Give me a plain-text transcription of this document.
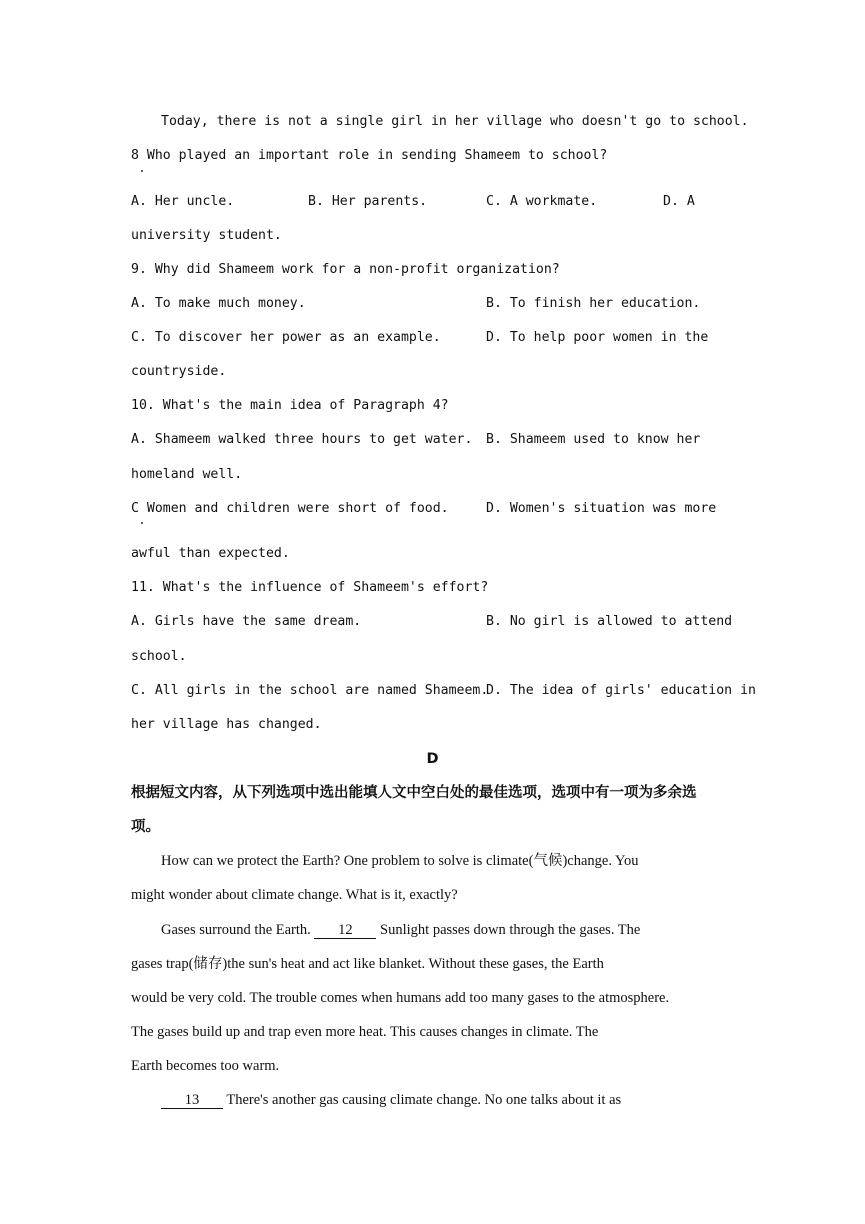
Today, there is not a single girl in her village who doesn't go to school.
8 Who played an important role in sending Shameem to school?
A. Her uncle.	B. Her parents.	C. A workmate.	D. A
university student.
9. Why did Shameem work for a non-profit organization?
A. To make much money.	B. To finish her education.
C. To discover her power as an example.	D. To help poor women in the
countryside.
10. What's the main idea of Paragraph 4?
A. Shameem walked three hours to get water. B. Shameem used to know her
homeland well.
C Women and children were short of food.	D. Women's situation was more
awful than expected.
11. What's the influence of Shameem's effort?
A. Girls have the same dream.	B. No girl is allowed to attend
school.
C. All girls in the school are named Shameem.
D. The idea of girls' education in
her village has changed.
D
根据短文内容，从下列选项中选出能填人文中空白处的最佳选项，选项中有一项为多余选
项。
How can we protect the Earth? One problem to solve is climate(气候)change. You
might wonder about climate change. What is it, exactly?
Gases surround the Earth. 12 Sunlight passes down through the gases. The
gases trap(储存)the sun's heat and act like blanket. Without these gases, the Earth
would be very cold. The trouble comes when humans add too many gases to the atmosphere.
The gases build up and trap even more heat. This causes changes in climate. The
Earth becomes too warm.
13 There's another gas causing climate change. No one talks about it as
